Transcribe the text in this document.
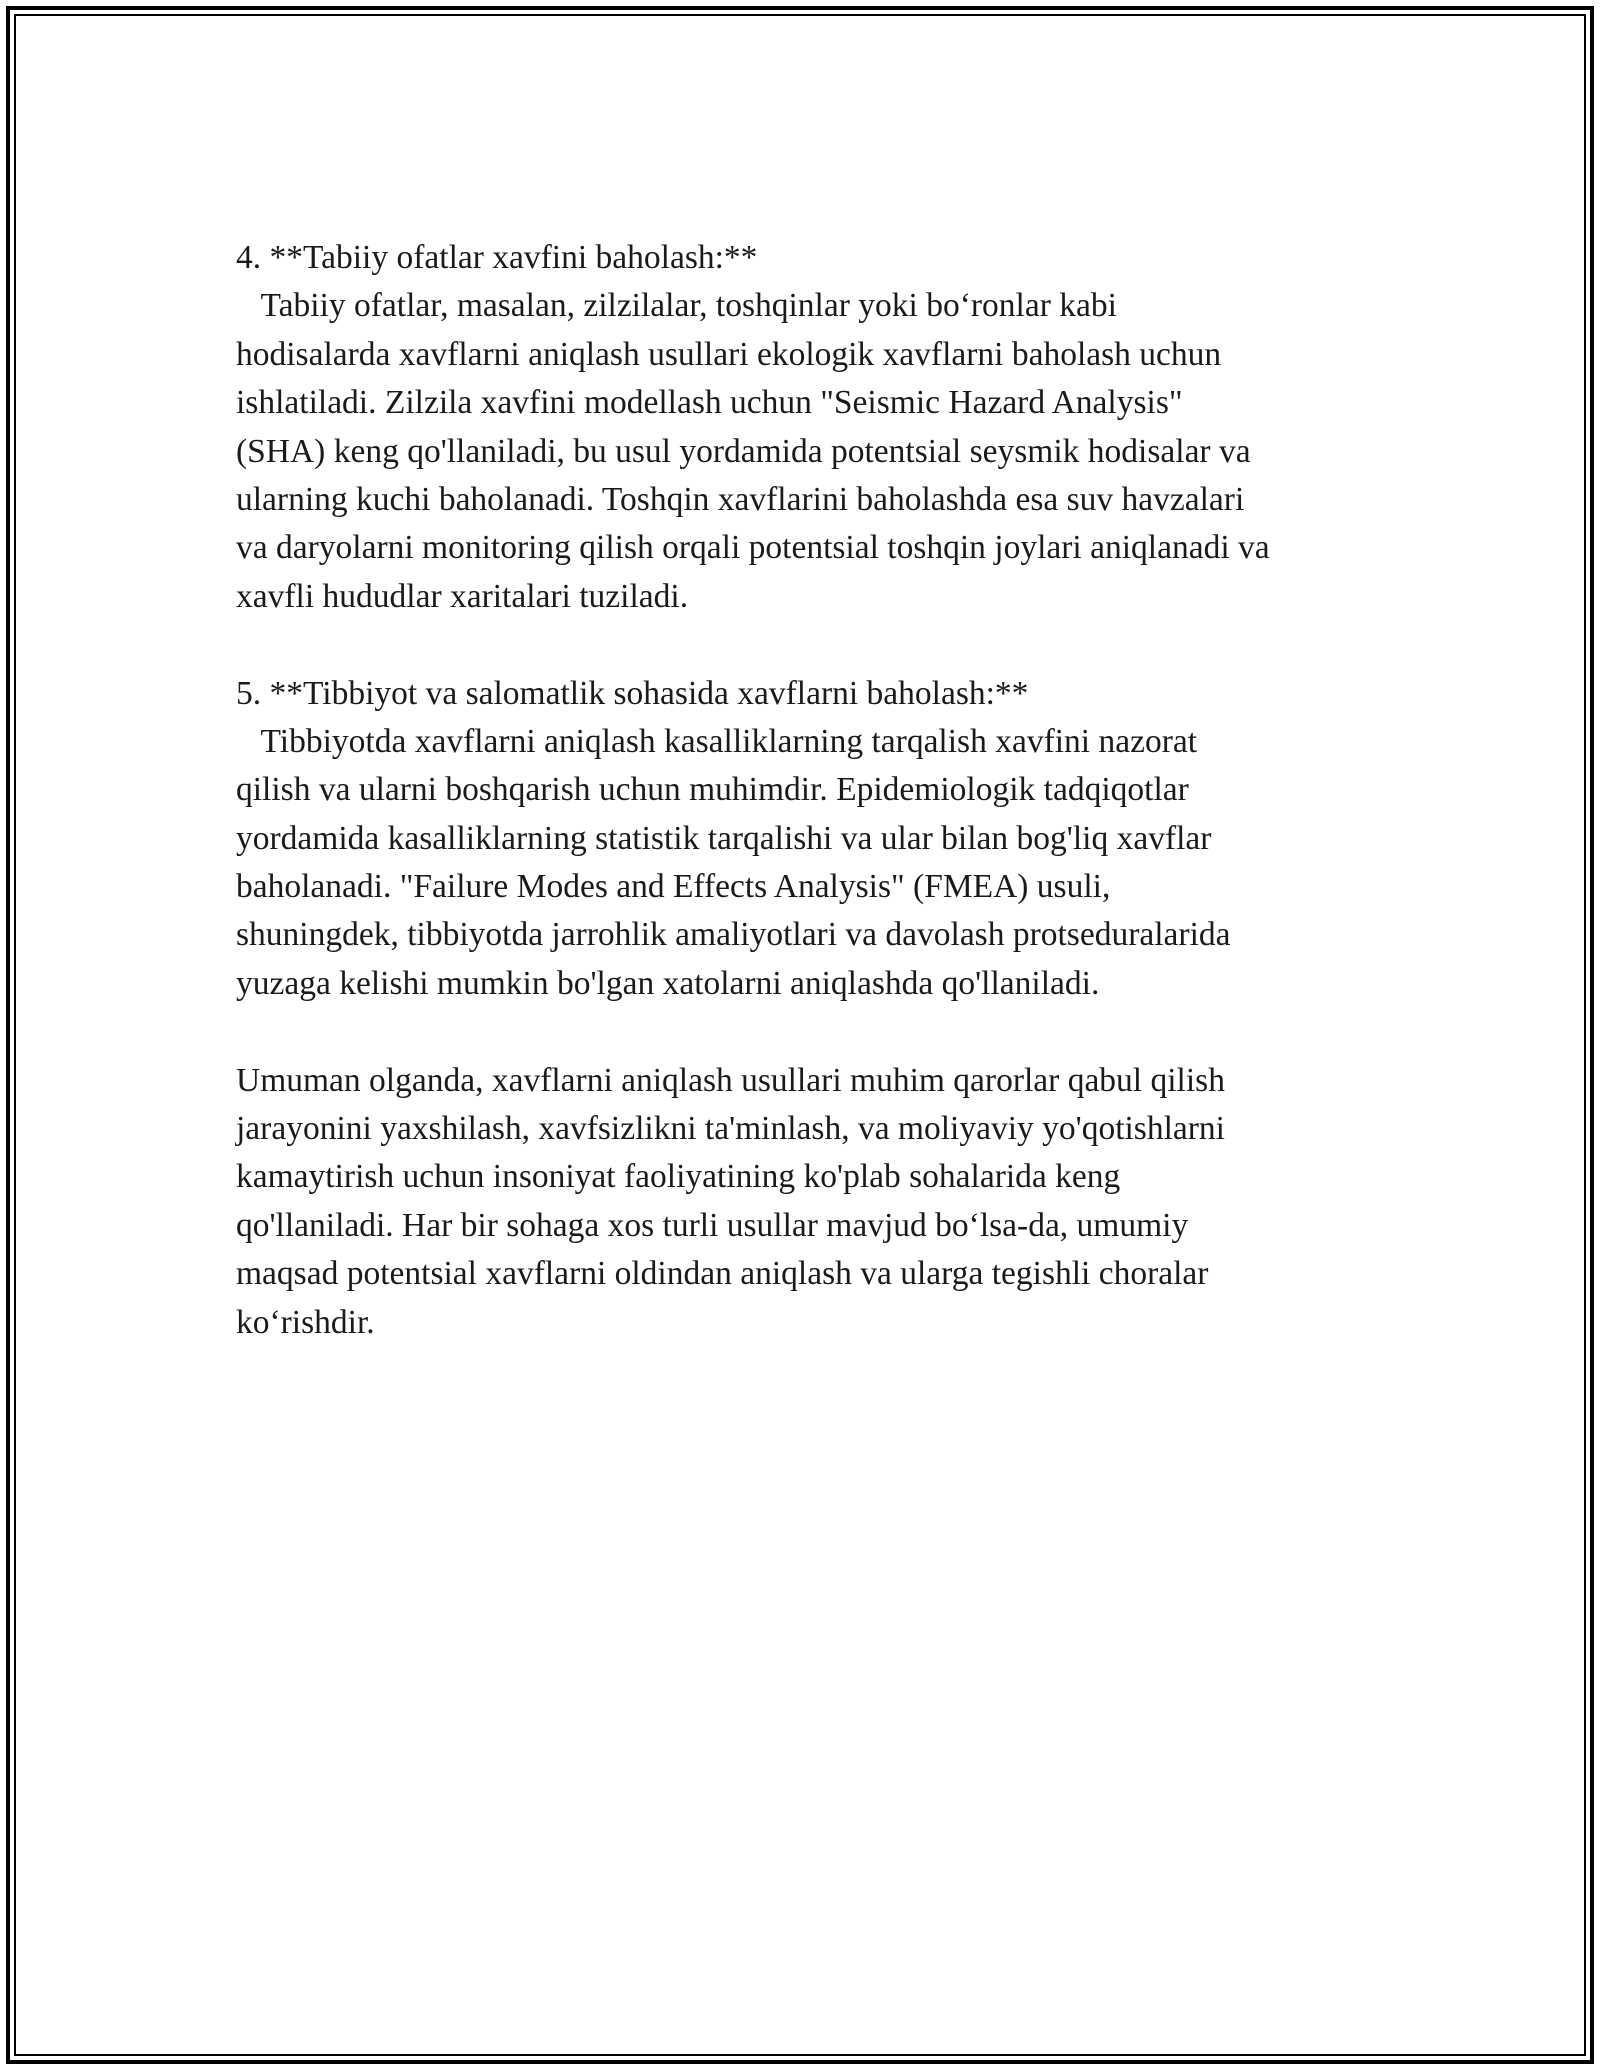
4. **Tabiiy ofatlar xavfini baholash:**
Tabiiy ofatlar, masalan, zilzilalar, toshqinlar yoki bo‘ronlar kabi
hodisalarda xavflarni aniqlash usullari ekologik xavflarni baholash uchun
ishlatiladi. Zilzila xavfini modellash uchun "Seismic Hazard Analysis"
(SHA) keng qo'llaniladi, bu usul yordamida potentsial seysmik hodisalar va
ularning kuchi baholanadi. Toshqin xavflarini baholashda esa suv havzalari
va daryolarni monitoring qilish orqali potentsial toshqin joylari aniqlanadi va
xavfli hududlar xaritalari tuziladi.
5. **Tibbiyot va salomatlik sohasida xavflarni baholash:**
Tibbiyotda xavflarni aniqlash kasalliklarning tarqalish xavfini nazorat
qilish va ularni boshqarish uchun muhimdir. Epidemiologik tadqiqotlar
yordamida kasalliklarning statistik tarqalishi va ular bilan bog'liq xavflar
baholanadi. "Failure Modes and Effects Analysis" (FMEA) usuli,
shuningdek, tibbiyotda jarrohlik amaliyotlari va davolash protseduralarida
yuzaga kelishi mumkin bo'lgan xatolarni aniqlashda qo'llaniladi.
Umuman olganda, xavflarni aniqlash usullari muhim qarorlar qabul qilish
jarayonini yaxshilash, xavfsizlikni ta'minlash, va moliyaviy yo'qotishlarni
kamaytirish uchun insoniyat faoliyatining ko'plab sohalarida keng
qo'llaniladi. Har bir sohaga xos turli usullar mavjud bo‘lsa-da, umumiy
maqsad potentsial xavflarni oldindan aniqlash va ularga tegishli choralar
ko‘rishdir.
